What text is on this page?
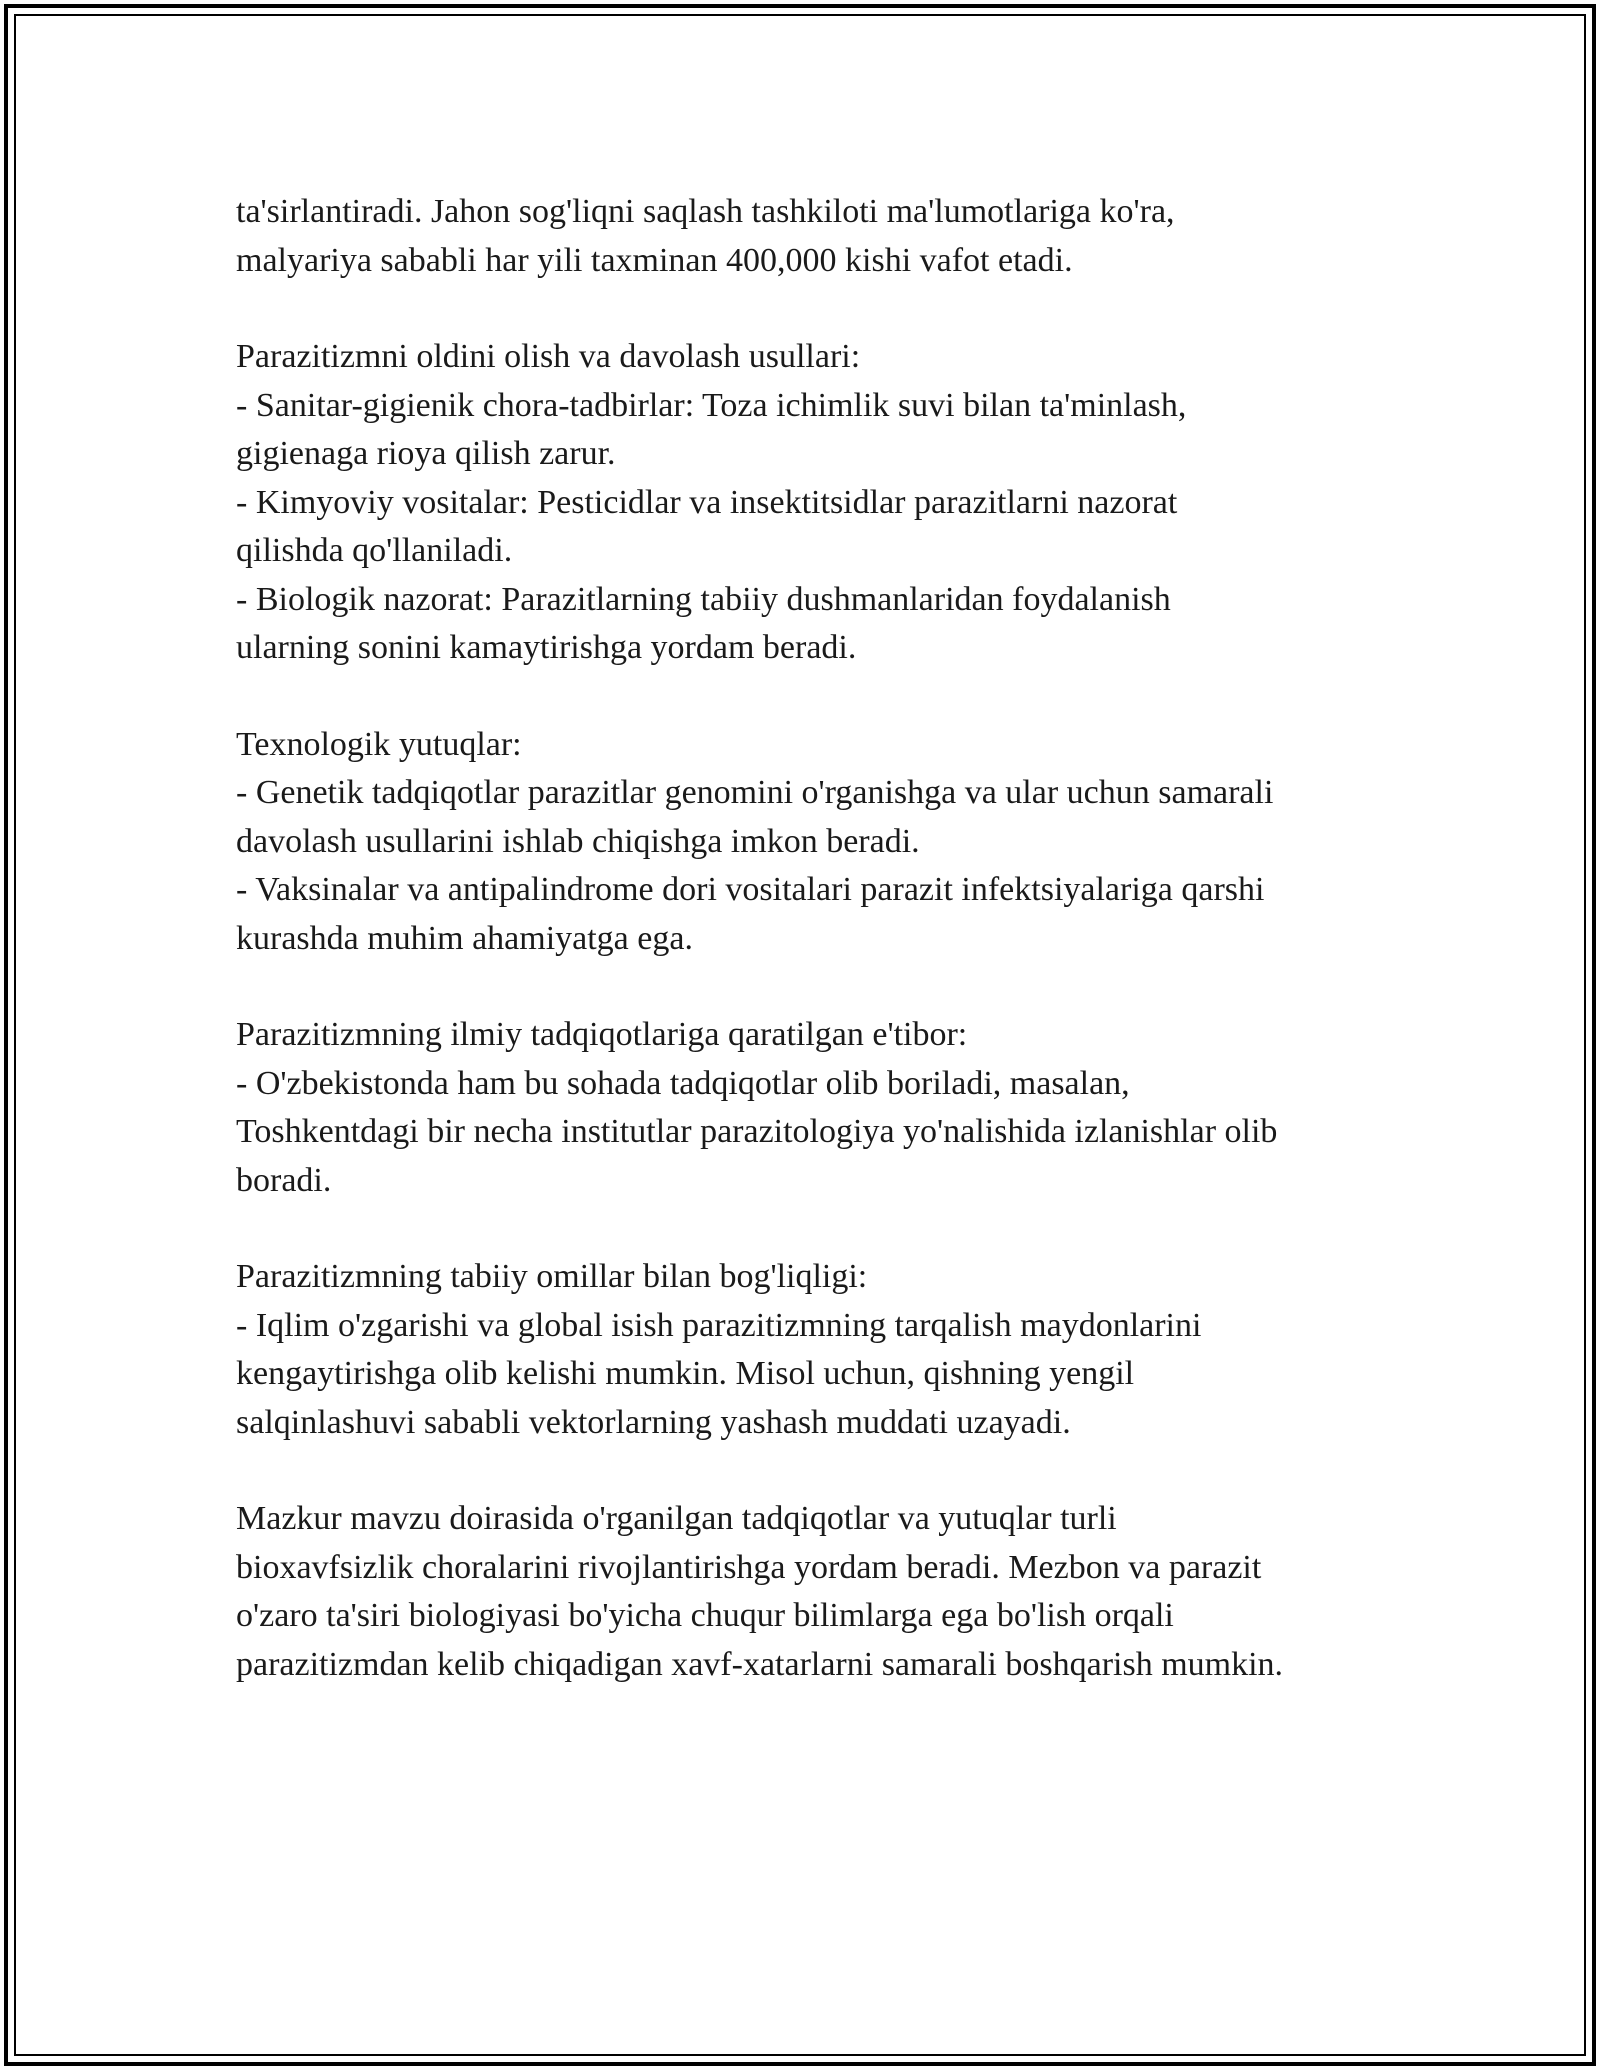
ta'sirlantiradi. Jahon sog'liqni saqlash tashkiloti ma'lumotlariga ko'ra,
malyariya sababli har yili taxminan 400,000 kishi vafot etadi.

Parazitizmni oldini olish va davolash usullari:
- Sanitar-gigienik chora-tadbirlar: Toza ichimlik suvi bilan ta'minlash,
gigienaga rioya qilish zarur.
- Kimyoviy vositalar: Pesticidlar va insektitsidlar parazitlarni nazorat
qilishda qo'llaniladi.
- Biologik nazorat: Parazitlarning tabiiy dushmanlaridan foydalanish
ularning sonini kamaytirishga yordam beradi.

Texnologik yutuqlar:
- Genetik tadqiqotlar parazitlar genomini o'rganishga va ular uchun samarali
davolash usullarini ishlab chiqishga imkon beradi.
- Vaksinalar va antipalindrome dori vositalari parazit infektsiyalariga qarshi
kurashda muhim ahamiyatga ega.

Parazitizmning ilmiy tadqiqotlariga qaratilgan e'tibor:
- O'zbekistonda ham bu sohada tadqiqotlar olib boriladi, masalan,
Toshkentdagi bir necha institutlar parazitologiya yo'nalishida izlanishlar olib
boradi.

Parazitizmning tabiiy omillar bilan bog'liqligi:
- Iqlim o'zgarishi va global isish parazitizmning tarqalish maydonlarini
kengaytirishga olib kelishi mumkin. Misol uchun, qishning yengil
salqinlashuvi sababli vektorlarning yashash muddati uzayadi.

Mazkur mavzu doirasida o'rganilgan tadqiqotlar va yutuqlar turli
bioxavfsizlik choralarini rivojlantirishga yordam beradi. Mezbon va parazit
o'zaro ta'siri biologiyasi bo'yicha chuqur bilimlarga ega bo'lish orqali
parazitizmdan kelib chiqadigan xavf-xatarlarni samarali boshqarish mumkin.
